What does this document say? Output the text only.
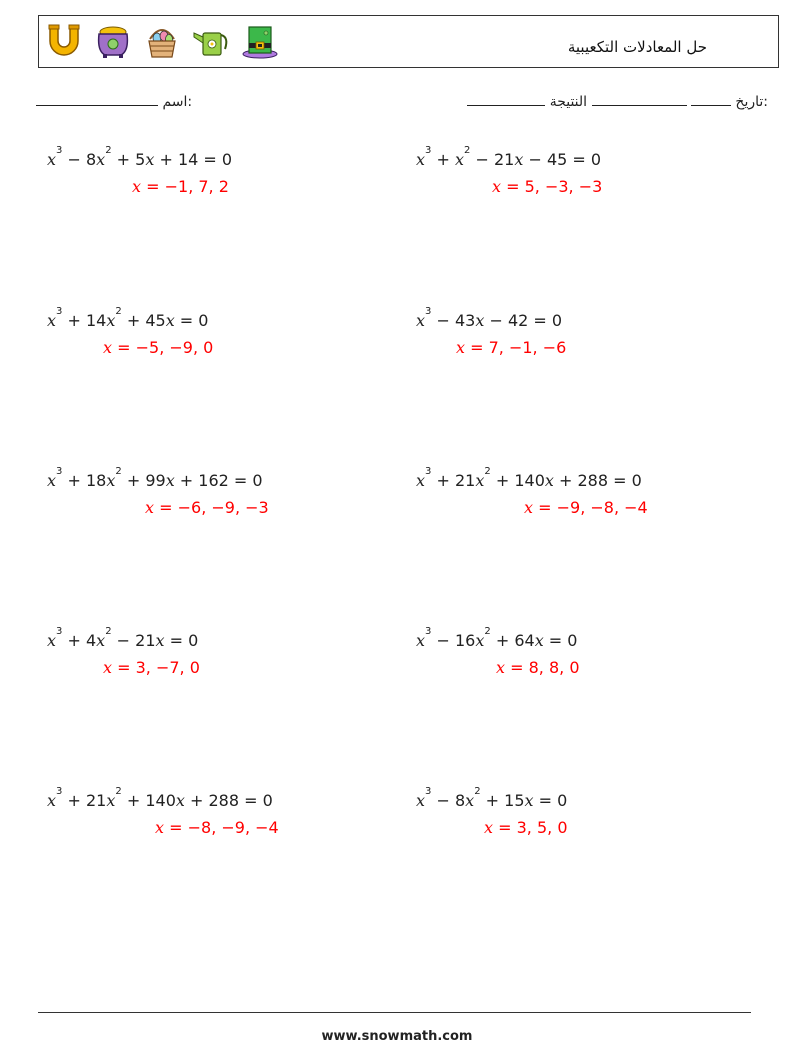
حل المعادلات التكعيبية
:تاريخ   النتيجة
:اسم
$x^3 - 8x^2 + 5x + 14 = 0$
x = −1, 7, 2
$x^3 + x^2 - 21x - 45 = 0$
x = 5, −3, −3
$x^3 + 14x^2 + 45x = 0$
x = −5, −9, 0
$x^3 - 43x - 42 = 0$
x = 7, −1, −6
$x^3 + 18x^2 + 99x + 162 = 0$
x = −6, −9, −3
$x^3 + 21x^2 + 140x + 288 = 0$
x = −9, −8, −4
$x^3 + 4x^2 - 21x = 0$
x = 3, −7, 0
$x^3 - 16x^2 + 64x = 0$
x = 8, 8, 0
$x^3 + 21x^2 + 140x + 288 = 0$
x = −8, −9, −4
$x^3 - 8x^2 + 15x = 0$
x = 3, 5, 0
www.snowmath.com
